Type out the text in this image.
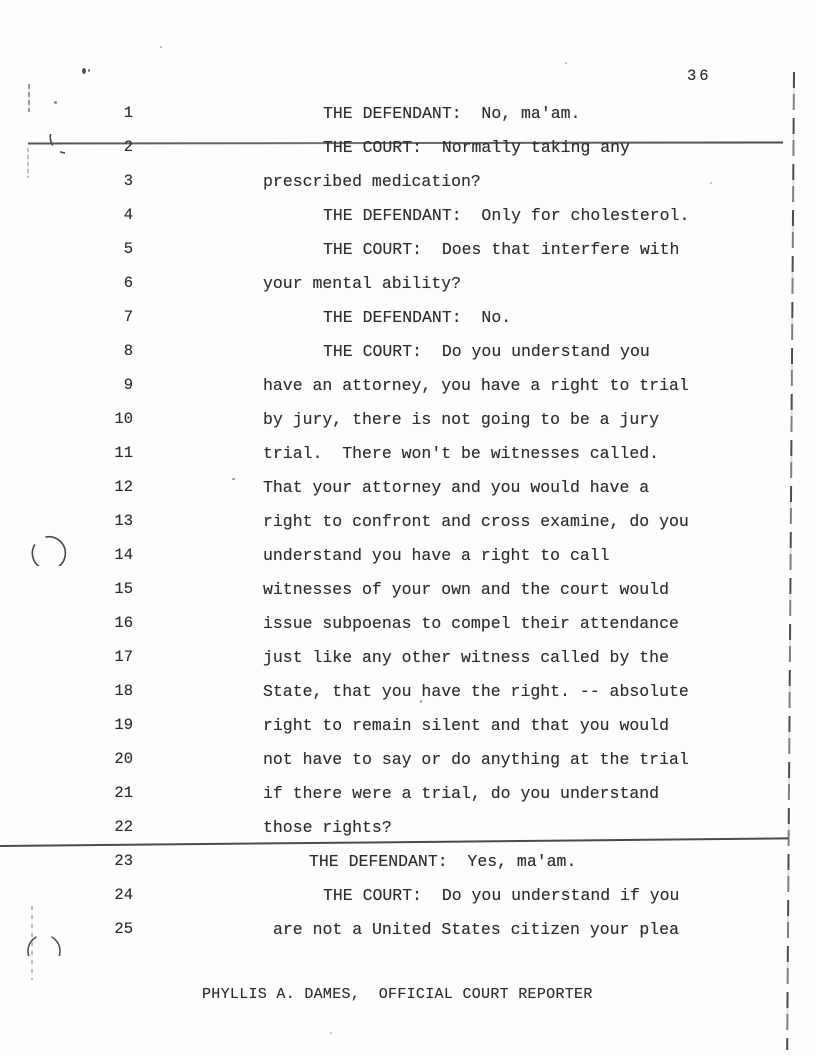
36
1	THE DEFENDANT:  No, ma'am.
2	THE COURT:  Normally taking any
3	prescribed medication?
4	THE DEFENDANT:  Only for cholesterol.
5	THE COURT:  Does that interfere with
6	your mental ability?
7	THE DEFENDANT:  No.
8	THE COURT:  Do you understand you
9	have an attorney, you have a right to trial
10	by jury, there is not going to be a jury
11	trial.  There won't be witnesses called.
12	That your attorney and you would have a
13	right to confront and cross examine, do you
14	understand you have a right to call
15	witnesses of your own and the court would
16	issue subpoenas to compel their attendance
17	just like any other witness called by the
18	State, that you have the right. -- absolute
19	right to remain silent and that you would
20	not have to say or do anything at the trial
21	if there were a trial, do you understand
22	those rights?
23	THE DEFENDANT:  Yes, ma'am.
24	THE COURT:  Do you understand if you
25	are not a United States citizen your plea
PHYLLIS A. DAMES,  OFFICIAL COURT REPORTER
